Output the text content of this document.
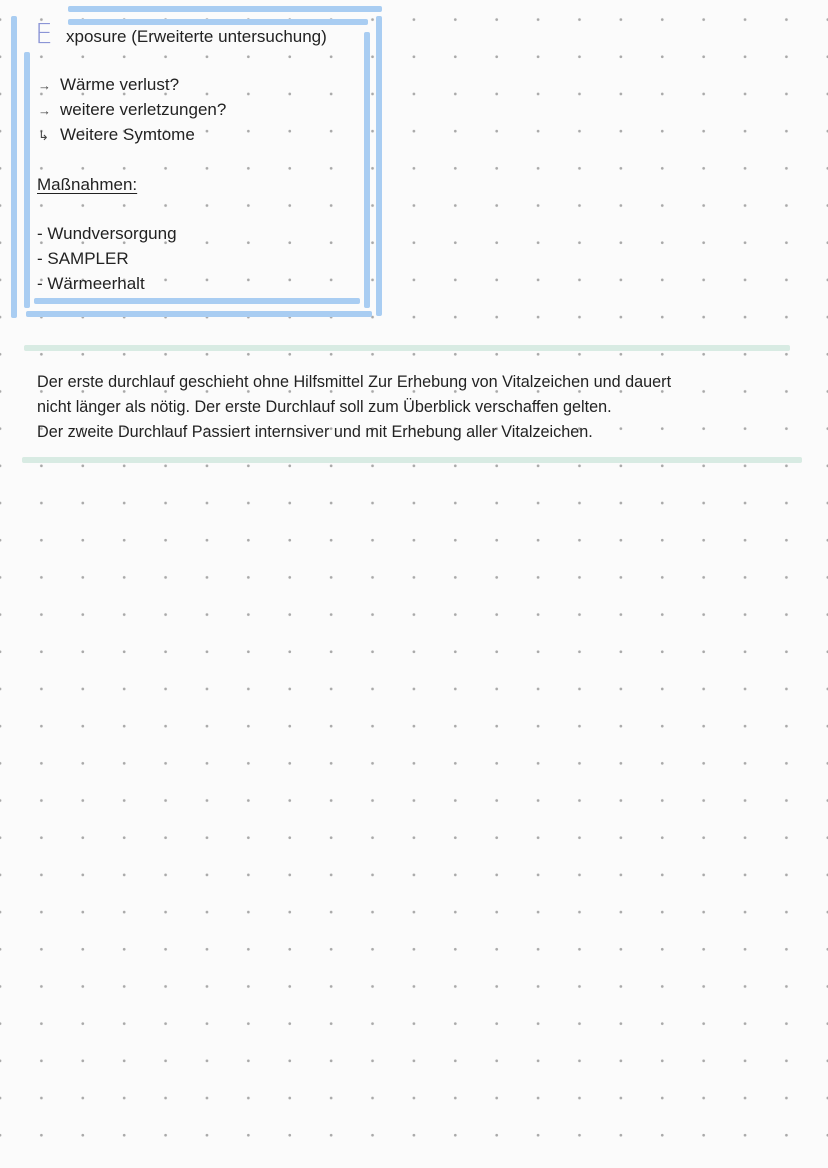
E xposure (Erweiterte untersuchung)
→ Wärme verlust?
→ weitere verletzungen?
↳ Weitere Symtome
Maßnahmen:
- Wundversorgung
- SAMPLER
- Wärmeerhalt
Der erste durchlauf geschieht ohne Hilfsmittel Zur Erhebung von Vitalzeichen und dauert
nicht länger als nötig. Der erste Durchlauf soll zum Überblick verschaffen gelten.
Der zweite Durchlauf Passiert internsiver und mit Erhebung aller Vitalzeichen.
